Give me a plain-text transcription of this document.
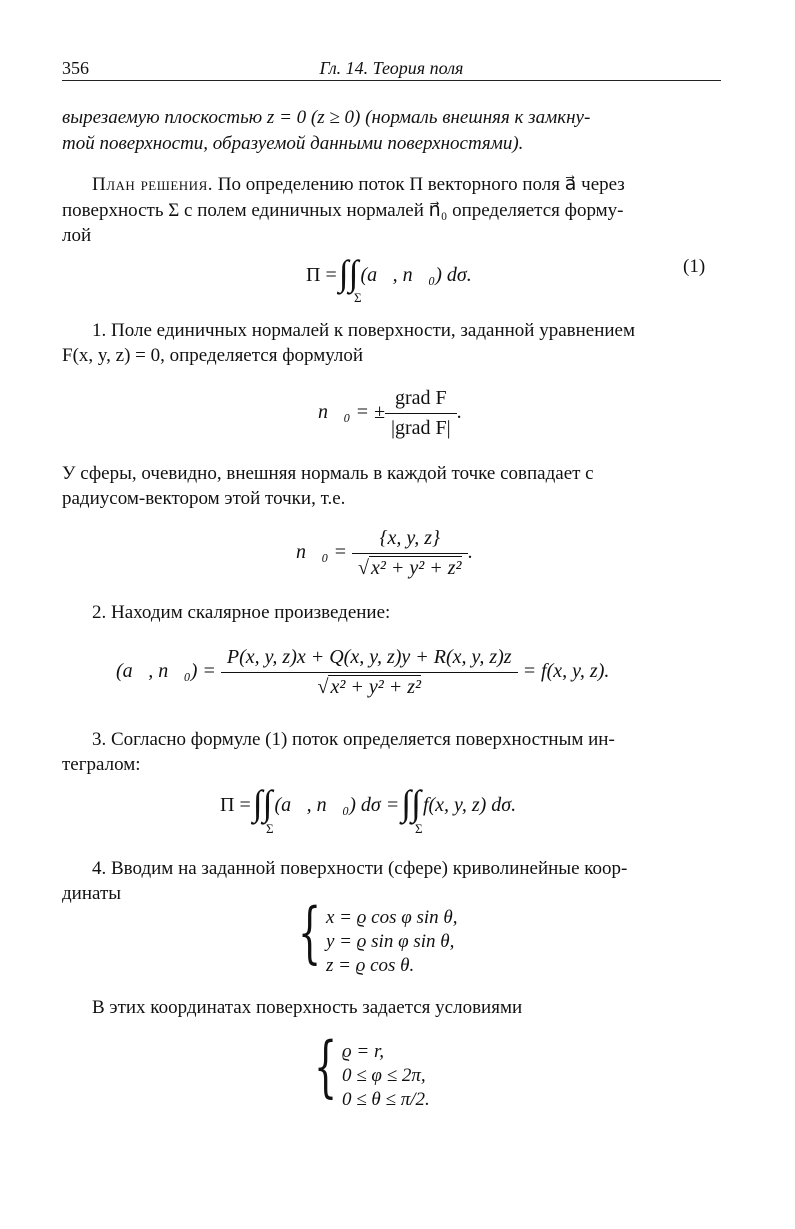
356	Гл. 14. Теория поля
вырезаемую плоскостью z = 0 (z ≥ 0) (нормаль внешняя к замкну-
той поверхности, образуемой данными поверхностями).
План решения. По определению поток П векторного поля a⃗ через
поверхность Σ с полем единичных нормалей n⃗₀ определяется форму-
лой
П = ∫∫ (a⃗, n⃗₀) dσ.
Σ
(1)
1. Поле единичных нормалей к поверхности, заданной уравнением
F(x, y, z) = 0, определяется формулой
n⃗₀ = ± $\frac{\text{grad F}}{\text{|grad F|}}$ .
У сферы, очевидно, внешняя нормаль в каждой точке совпадает с
радиусом-вектором этой точки, т.е.
n⃗₀ = $\frac{\{x, y, z\}}{\text{√ x² + y² + z²}}$ .
2. Находим скалярное произведение:
(a⃗, n⃗₀) = $\frac{P(x, y, z)x + Q(x, y, z)y + R(x, y, z)z}{\text{√ x² + y² + z²}} = f(x$, y, z).
3. Согласно формуле (1) поток определяется поверхностным ин-
тегралом:
П = ∫∫ (a⃗, n⃗₀) dσ = ∫∫ f(x, y, z) dσ.
Σ	Σ
4. Вводим на заданной поверхности (сфере) криволинейные коор-
динаты
{ x = ϱ cos φ sin θ,
y = ϱ sin φ sin θ,
z = ϱ cos θ.
В этих координатах поверхность задается условиями
{ ϱ = r,
0 ≤ φ ≤ 2π,
0 ≤ θ ≤ π/2.
